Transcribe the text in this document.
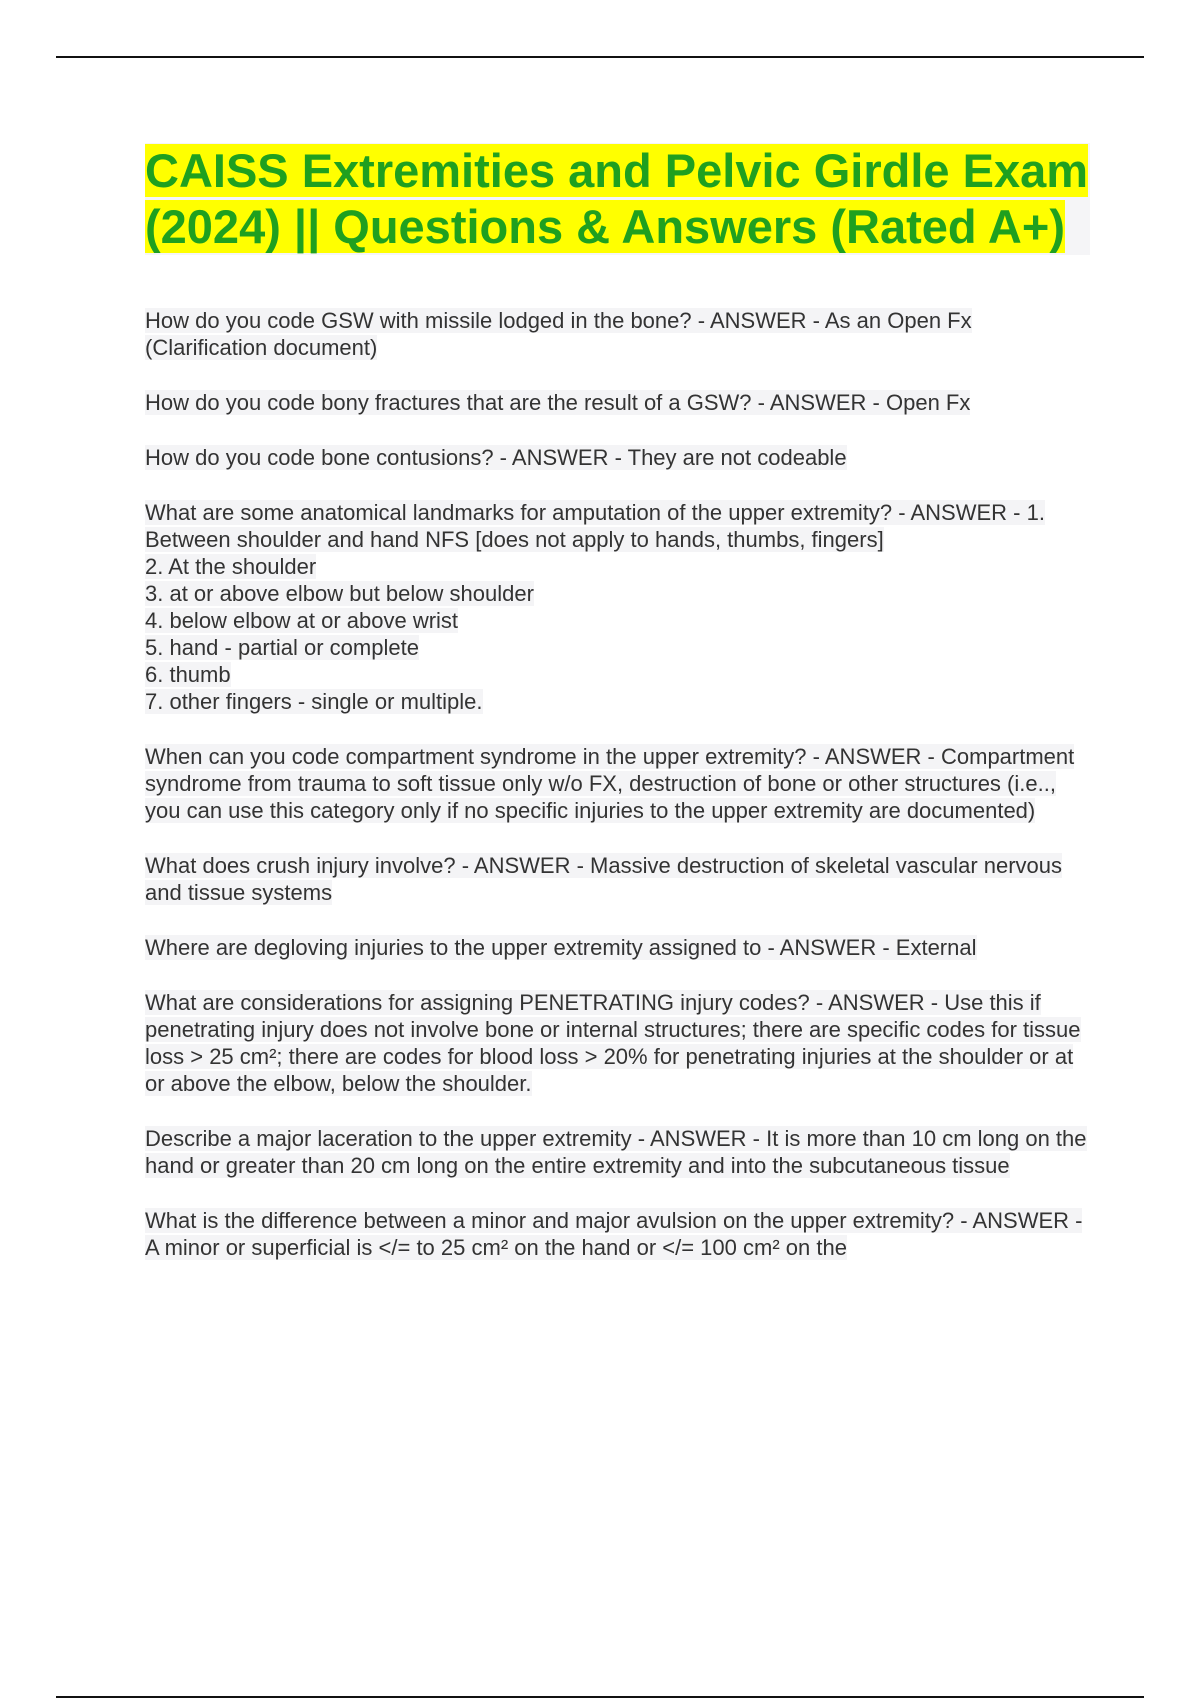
CAISS Extremities and Pelvic Girdle Exam (2024) || Questions & Answers (Rated A+)

How do you code GSW with missile lodged in the bone? - ANSWER - As an Open Fx (Clarification document)

How do you code bony fractures that are the result of a GSW? - ANSWER - Open Fx

How do you code bone contusions? - ANSWER - They are not codeable

What are some anatomical landmarks for amputation of the upper extremity? - ANSWER - 1. Between shoulder and hand NFS [does not apply to hands, thumbs, fingers]
2. At the shoulder
3. at or above elbow but below shoulder
4. below elbow at or above wrist
5. hand - partial or complete
6. thumb
7. other fingers - single or multiple.

When can you code compartment syndrome in the upper extremity? - ANSWER - Compartment syndrome from trauma to soft tissue only w/o FX, destruction of bone or other structures (i.e.., you can use this category only if no specific injuries to the upper extremity are documented)

What does crush injury involve? - ANSWER - Massive destruction of skeletal vascular nervous and tissue systems

Where are degloving injuries to the upper extremity assigned to - ANSWER - External

What are considerations for assigning PENETRATING injury codes? - ANSWER - Use this if penetrating injury does not involve bone or internal structures; there are specific codes for tissue loss > 25 cm²; there are codes for blood loss > 20% for penetrating injuries at the shoulder or at or above the elbow, below the shoulder.

Describe a major laceration to the upper extremity - ANSWER - It is more than 10 cm long on the hand or greater than 20 cm long on the entire extremity and into the subcutaneous tissue

What is the difference between a minor and major avulsion on the upper extremity? - ANSWER - A minor or superficial is </= to 25 cm² on the hand or </= 100 cm² on the
